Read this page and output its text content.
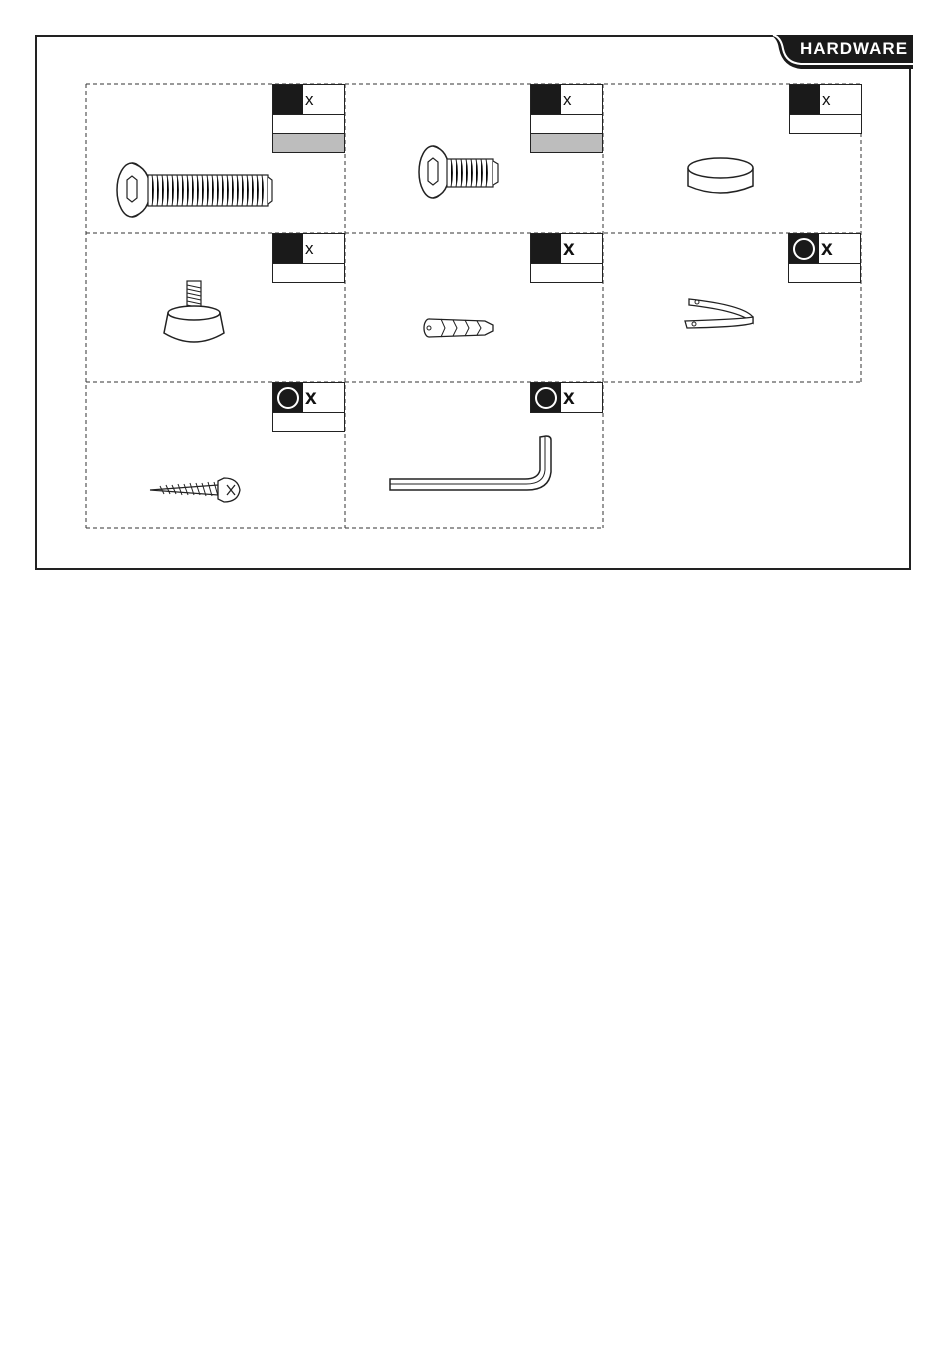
HARDWARE
x	x	x
x	x	x
x	x
